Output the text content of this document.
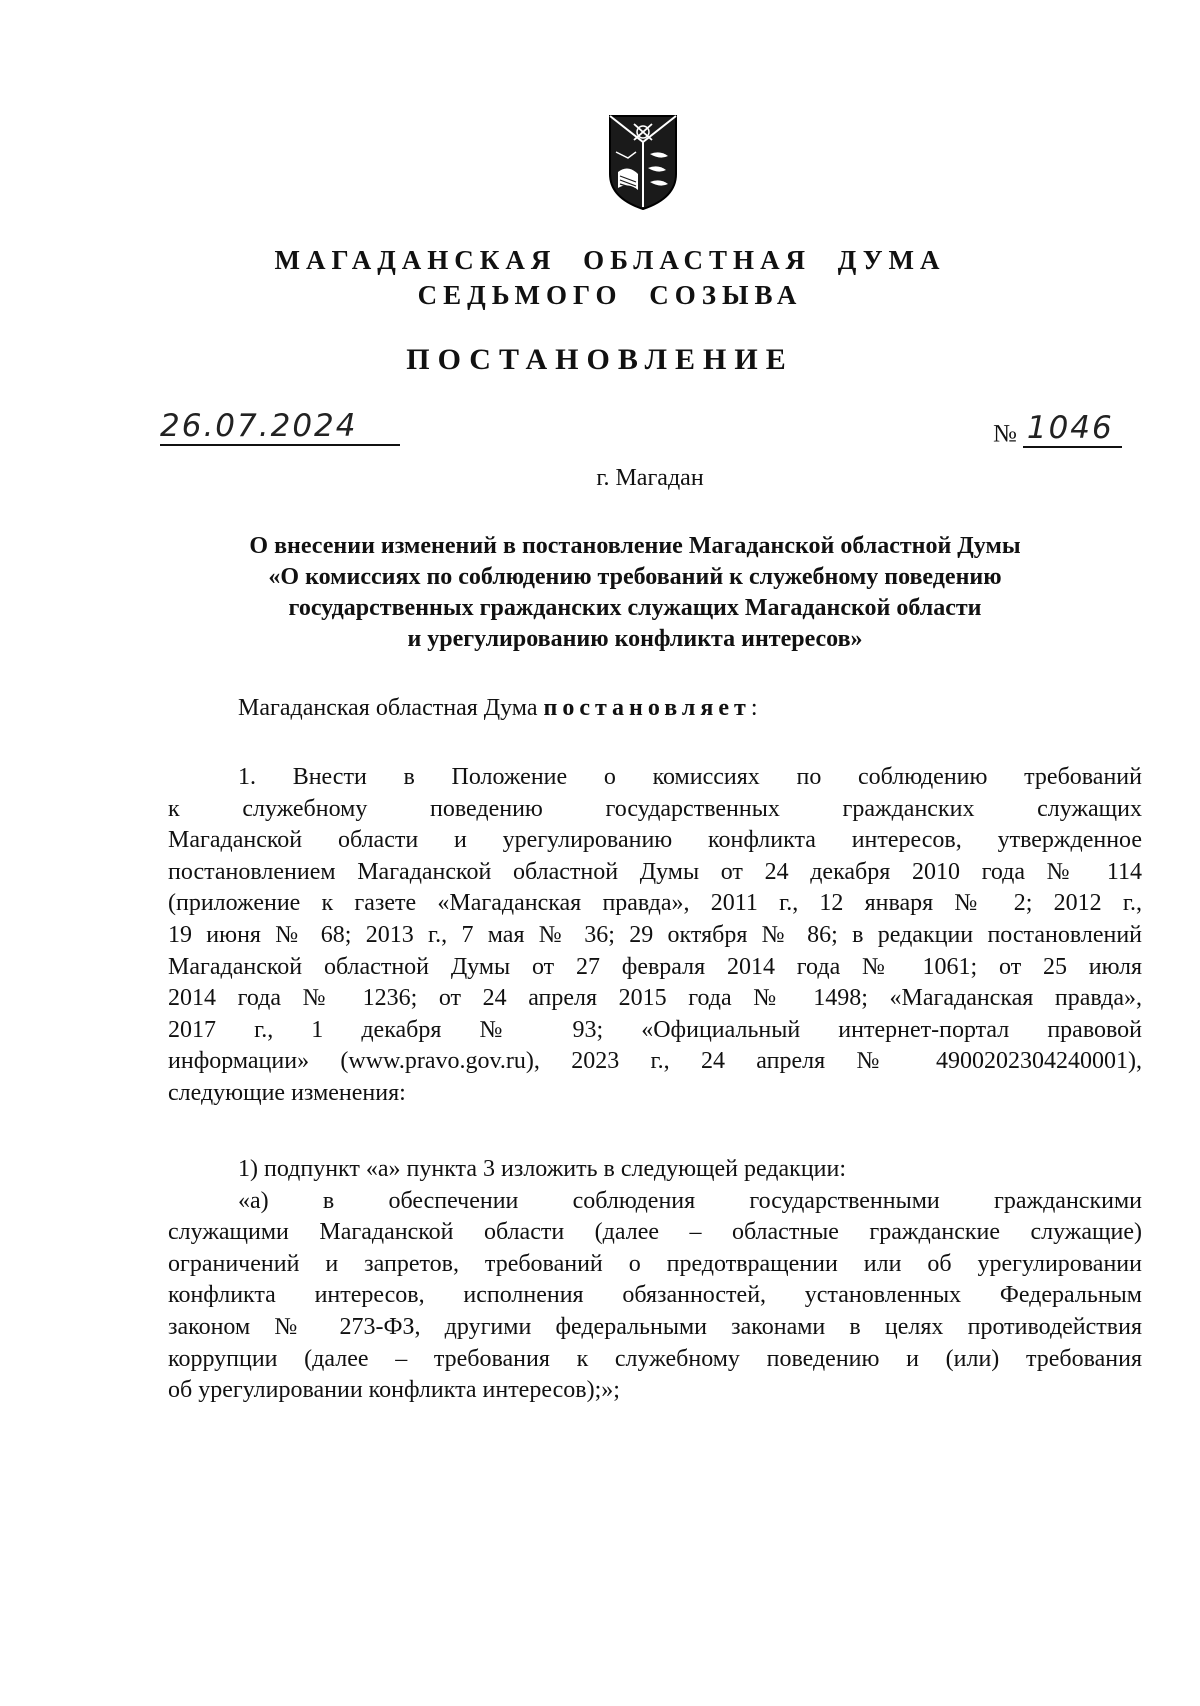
МАГАДАНСКАЯ ОБЛАСТНАЯ ДУМА
СЕДЬМОГО СОЗЫВА
ПОСТАНОВЛЕНИЕ
26.07.2024	№ 1046
г. Магадан
О внесении изменений в постановление Магаданской областной Думы
«О комиссиях по соблюдению требований к служебному поведению
государственных гражданских служащих Магаданской области
и урегулированию конфликта интересов»
Магаданская областная Дума постановляет:
1. Внести в Положение о комиссиях по соблюдению требований
к служебному поведению государственных гражданских служащих
Магаданской области и урегулированию конфликта интересов, утвержденное
постановлением Магаданской областной Думы от 24 декабря 2010 года № 114
(приложение к газете «Магаданская правда», 2011 г., 12 января № 2; 2012 г.,
19 июня № 68; 2013 г., 7 мая № 36; 29 октября № 86; в редакции постановлений
Магаданской областной Думы от 27 февраля 2014 года № 1061; от 25 июля
2014 года № 1236; от 24 апреля 2015 года № 1498; «Магаданская правда»,
2017 г., 1 декабря № 93; «Официальный интернет-портал правовой
информации» (www.pravo.gov.ru), 2023 г., 24 апреля № 4900202304240001),
следующие изменения:
1) подпункт «а» пункта 3 изложить в следующей редакции:
«а) в обеспечении соблюдения государственными гражданскими
служащими Магаданской области (далее – областные гражданские служащие)
ограничений и запретов, требований о предотвращении или об урегулировании
конфликта интересов, исполнения обязанностей, установленных Федеральным
законом № 273-ФЗ, другими федеральными законами в целях противодействия
коррупции (далее – требования к служебному поведению и (или) требования
об урегулировании конфликта интересов);»;
